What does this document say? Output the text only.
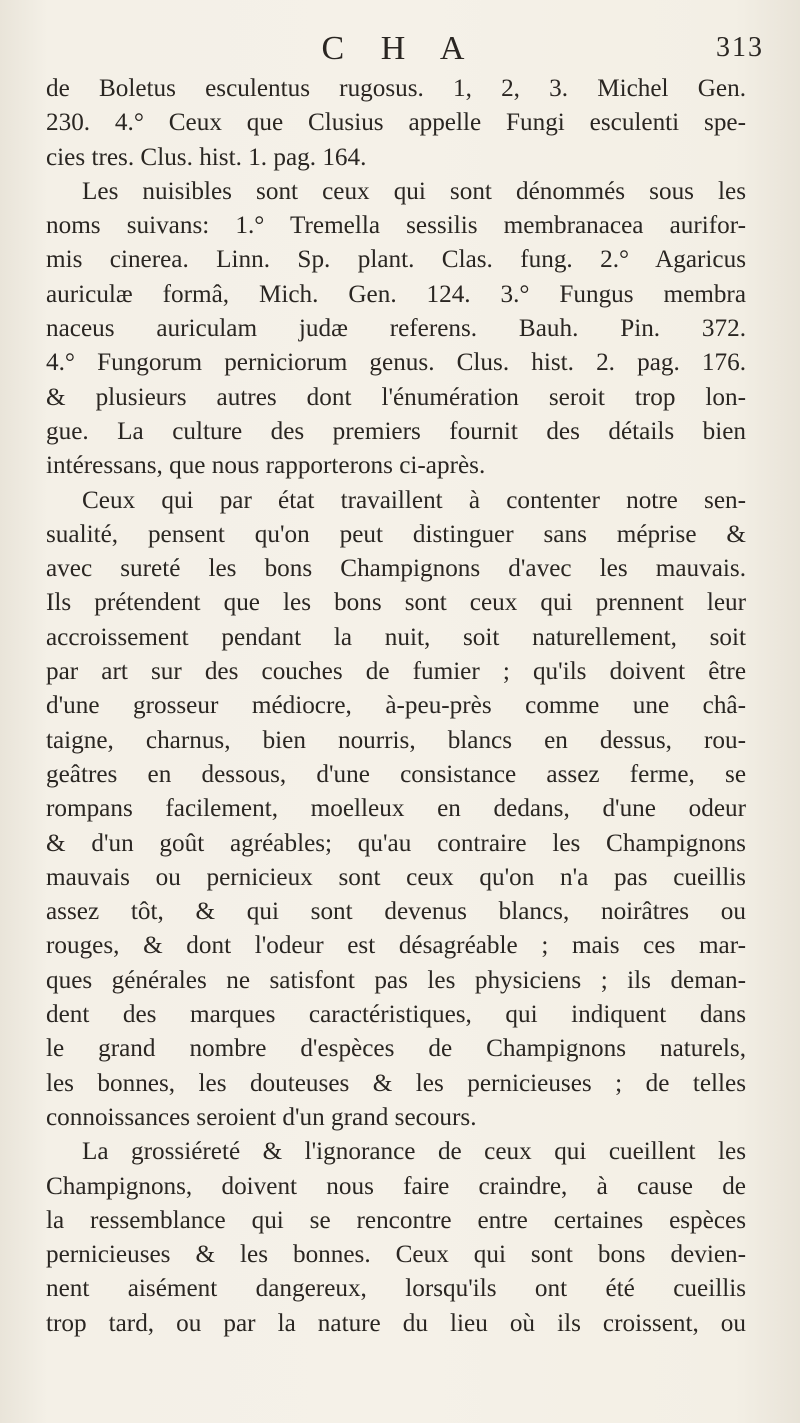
C H A	313
de Boletus esculentus rugosus. 1, 2, 3. Michel Gen.
230. 4.° Ceux que Clusius appelle Fungi esculenti spe-
cies tres. Clus. hist. 1. pag. 164.
Les nuisibles sont ceux qui sont dénommés sous les
noms suivans: 1.° Tremella sessilis membranacea aurifor-
mis cinerea. Linn. Sp. plant. Clas. fung. 2.° Agaricus
auriculæ formâ, Mich. Gen. 124. 3.° Fungus membra
naceus auriculam judæ referens. Bauh. Pin. 372.
4.° Fungorum perniciorum genus. Clus. hist. 2. pag. 176.
& plusieurs autres dont l'énumération seroit trop lon-
gue. La culture des premiers fournit des détails bien
intéressans, que nous rapporterons ci-après.
Ceux qui par état travaillent à contenter notre sen-
sualité, pensent qu'on peut distinguer sans méprise &
avec sureté les bons Champignons d'avec les mauvais.
Ils prétendent que les bons sont ceux qui prennent leur
accroissement pendant la nuit, soit naturellement, soit
par art sur des couches de fumier ; qu'ils doivent être
d'une grosseur médiocre, à-peu-près comme une châ-
taigne, charnus, bien nourris, blancs en dessus, rou-
geâtres en dessous, d'une consistance assez ferme, se
rompans facilement, moelleux en dedans, d'une odeur
& d'un goût agréables; qu'au contraire les Champignons
mauvais ou pernicieux sont ceux qu'on n'a pas cueillis
assez tôt, & qui sont devenus blancs, noirâtres ou
rouges, & dont l'odeur est désagréable ; mais ces mar-
ques générales ne satisfont pas les physiciens ; ils deman-
dent des marques caractéristiques, qui indiquent dans
le grand nombre d'espèces de Champignons naturels,
les bonnes, les douteuses & les pernicieuses ; de telles
connoissances seroient d'un grand secours.
La grossiéreté & l'ignorance de ceux qui cueillent les
Champignons, doivent nous faire craindre, à cause de
la ressemblance qui se rencontre entre certaines espèces
pernicieuses & les bonnes. Ceux qui sont bons devien-
nent aisément dangereux, lorsqu'ils ont été cueillis
trop tard, ou par la nature du lieu où ils croissent, ou
